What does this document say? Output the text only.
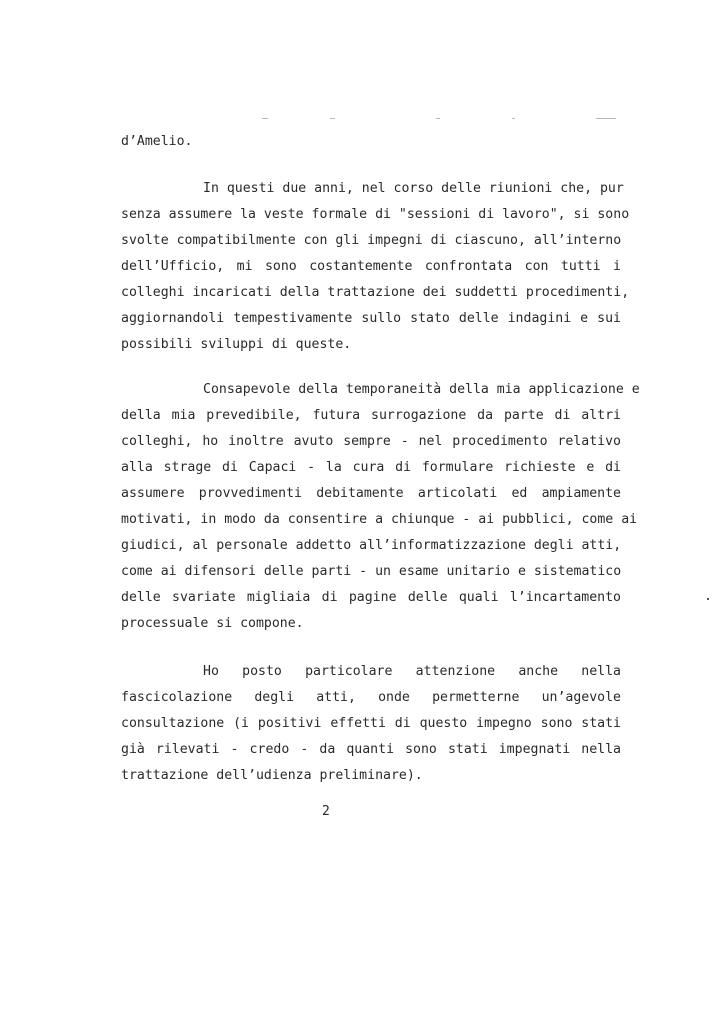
d’Amelio.
In questi due anni, nel corso delle riunioni che, pur
senza assumere la veste formale di "sessioni di lavoro", si sono
svolte compatibilmente con gli impegni di ciascuno, all’interno
dell’Ufficio, mi sono costantemente confrontata con tutti i
colleghi incaricati della trattazione dei suddetti procedimenti,
aggiornandoli tempestivamente sullo stato delle indagini e sui
possibili sviluppi di queste.
Consapevole della temporaneità della mia applicazione e
della mia prevedibile, futura surrogazione da parte di altri
colleghi, ho inoltre avuto sempre - nel procedimento relativo
alla strage di Capaci - la cura di formulare richieste e di
assumere provvedimenti debitamente articolati ed ampiamente
motivati, in modo da consentire a chiunque - ai pubblici, come ai
giudici, al personale addetto all’informatizzazione degli atti,
come ai difensori delle parti - un esame unitario e sistematico
delle svariate migliaia di pagine delle quali l’incartamento
processuale si compone.
Ho posto particolare attenzione anche nella
fascicolazione degli atti, onde permetterne un’agevole
consultazione (i positivi effetti di questo impegno sono stati
già rilevati - credo - da quanti sono stati impegnati nella
trattazione dell’udienza preliminare).
2
